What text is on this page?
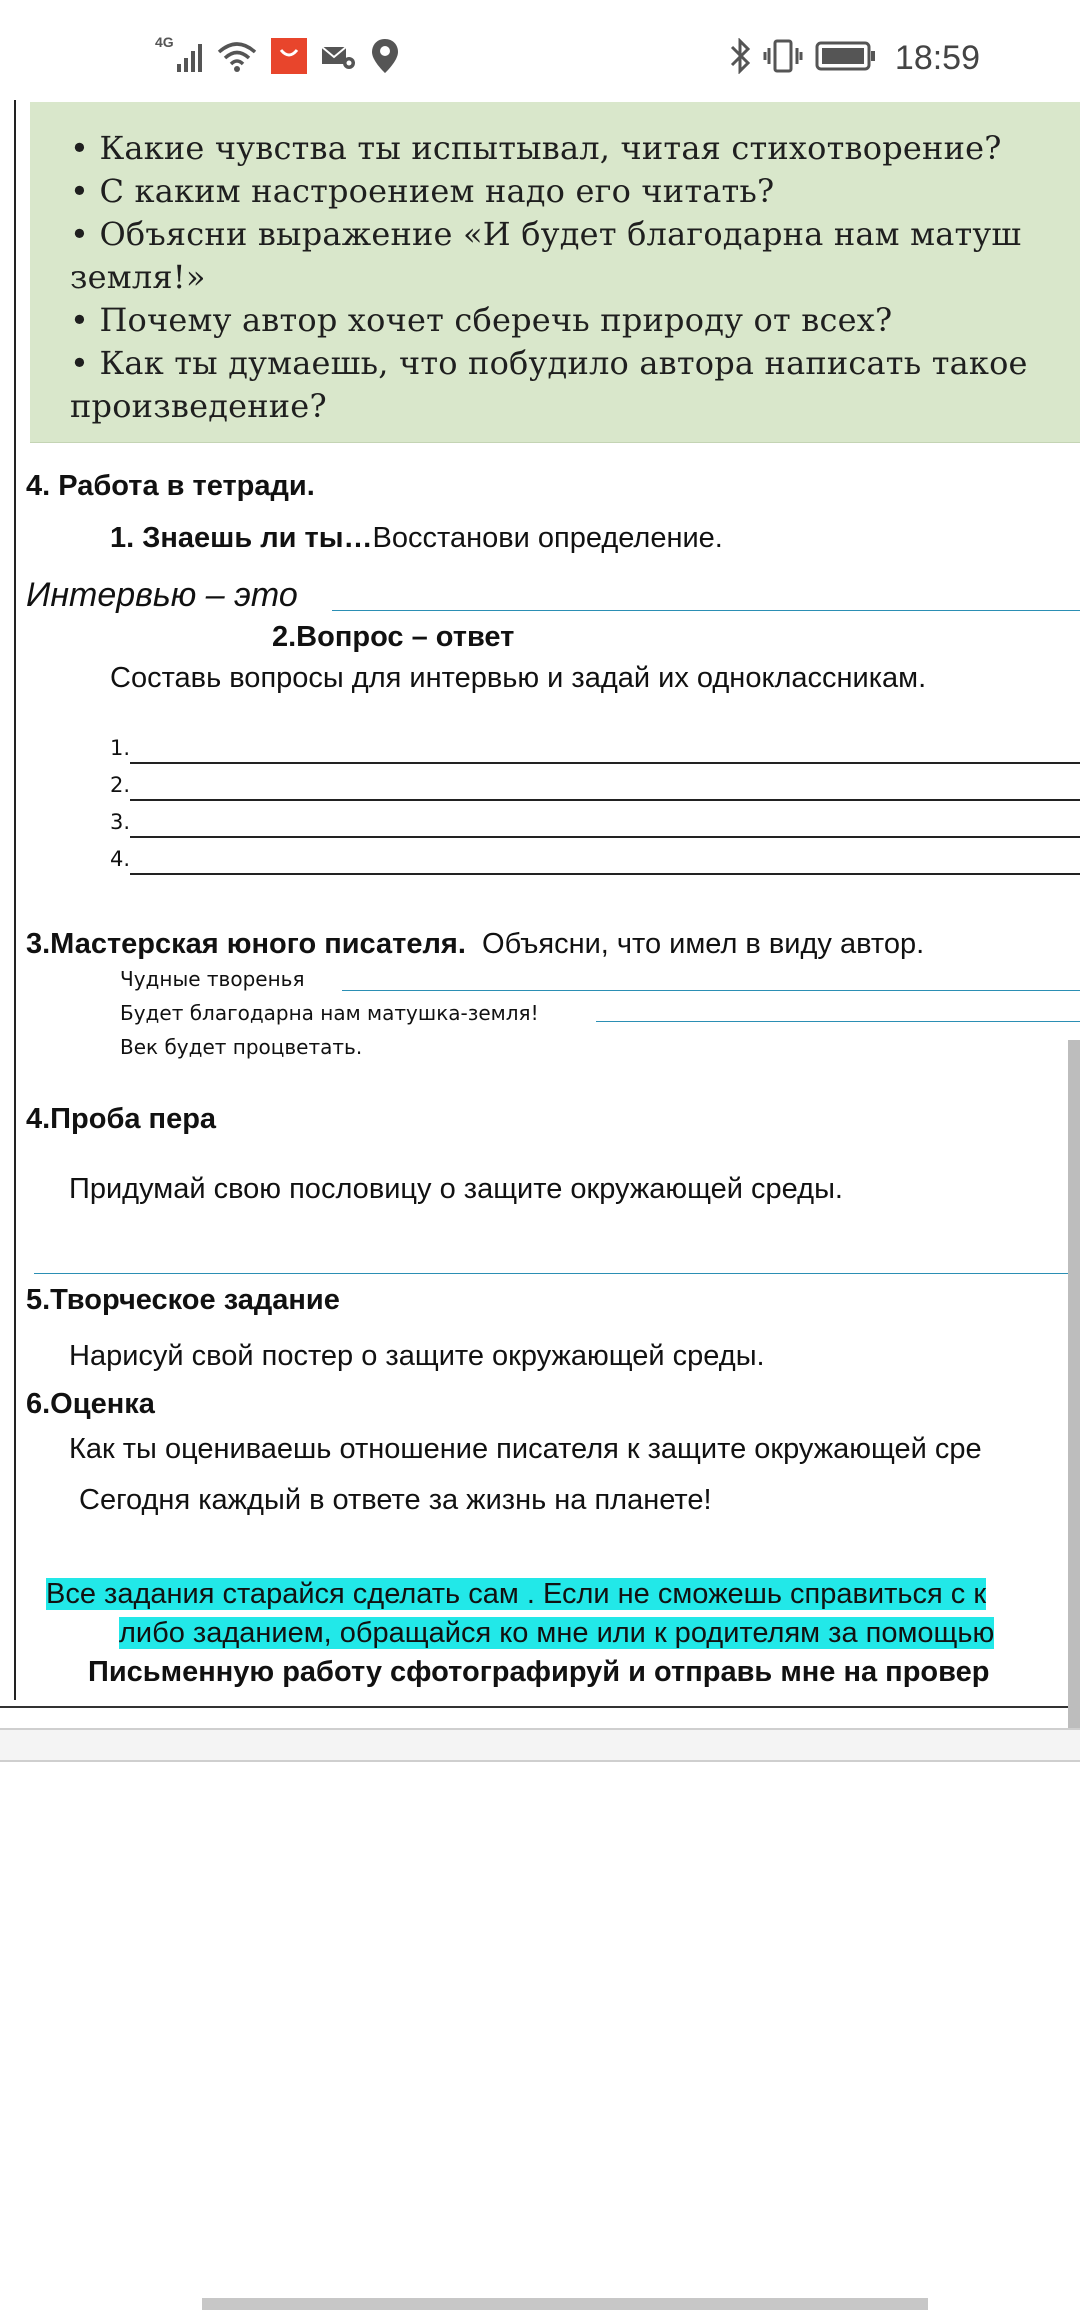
4G	18:59

• Какие чувства ты испытывал, читая стихотворение?

• С каким настроением надо его читать?

• Объясни выражение «И будет благодарна нам матуш

земля!»

• Почему автор хочет сберечь природу от всех?

• Как ты думаешь, что побудило автора написать такое

произведение?

4. Работа в тетради.
1. Знаешь ли ты…Восстанови определение.
Интервью – это
2.Вопрос – ответ
Составь вопросы для интервью и задай их одноклассникам.
1.
2.
3.
4.
3.Мастерская юного писателя. Объясни, что имел в виду автор.
Чудные творенья
Будет благодарна нам матушка-земля!
Век будет процветать.
4.Проба пера
Придумай свою пословицу о защите окружающей среды.
5.Творческое задание
Нарисуй свой постер о защите окружающей среды.
6.Оценка
Как ты оцениваешь отношение писателя к защите окружающей сре
Сегодня каждый в ответе за жизнь на планете!
Все задания старайся сделать сам . Если не сможешь справиться с к
либо заданием, обращайся ко мне или к родителям за помощью
Письменную работу сфотографируй и отправь мне на провер
